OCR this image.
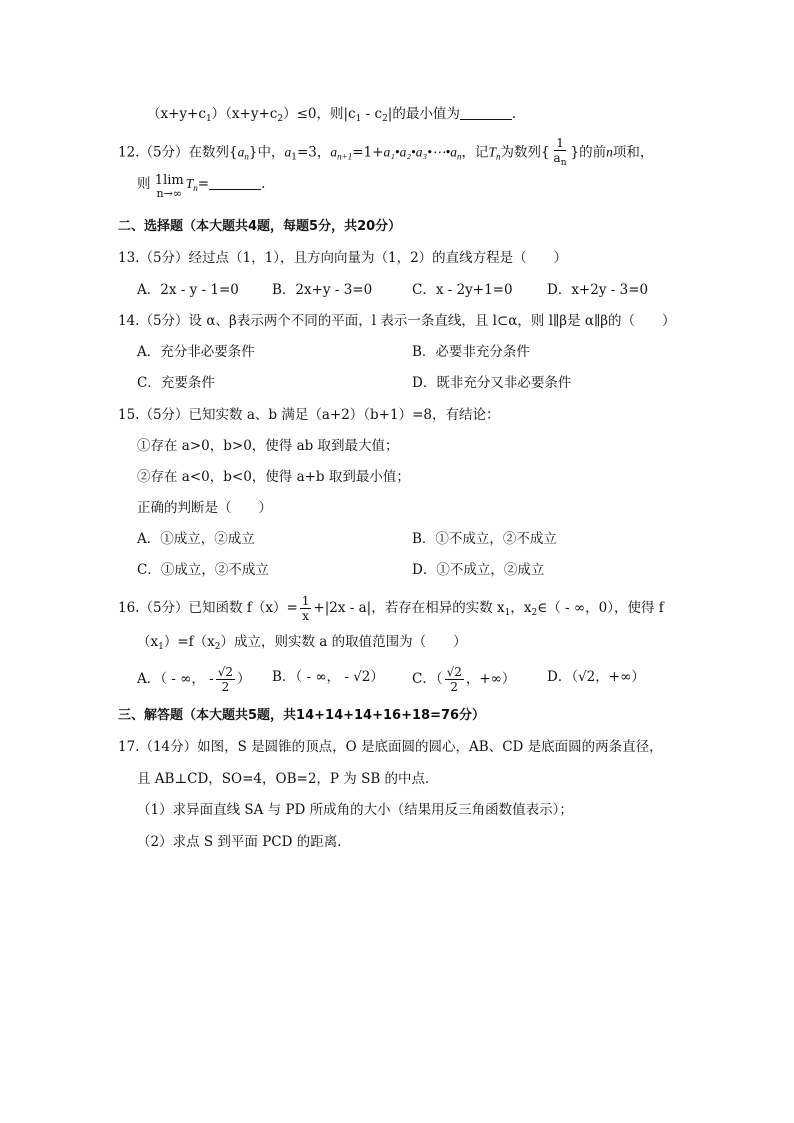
$(x+y+c_1)(x+y+c_2)\le 0$，则$|c_1 - c_2|$的最小值为	.
12.（5分）在数列$\{a_n\}$中，$a_1=3$，$a_{n+1}=1+a_1•a_2•a_3•\cdots•a_n$，记$T_n$为数列{ $\frac{1}{a_n}$ }的前n项和，
则 1lim
n→∞
$T_n=$	.
二、选择题（本大题共4题，每题5分，共20分）
13.（5分）经过点（1，1），且方向向量为（1，2）的直线方程是（　　）
A．2x - y - 1=0 B．2x+y - 3=0	C．x - 2y+1=0	D．x+2y - 3=0
14.（5分）设 α、β表示两个不同的平面，l 表示一条直线，且 l⊂α，则 l∥β是 α∥β的（　　）
A．充分非必要条件	B．必要非充分条件
C．充要条件	D．既非充分又非必要条件
15.（5分）已知实数 a、b 满足（a+2）（b+1）=8，有结论：
①存在 a>0，b>0，使得 ab 取到最大值；
②存在 a<0，b<0，使得 a+b 取到最小值；
正确的判断是（　　）
A．①成立，②成立	B．①不成立，②不成立
C．①成立，②不成立	D．①不成立，②成立
16.（5分）已知函数 $f(x)= \frac{1}{x} +|2x - a|$，若存在相异的实数 $x_1$，$x_2\in$（ - ∞，0），使得 f
$(x_1)=f(x_2)$成立，则实数 a 的取值范围为（　　）
A．（ - ∞， - $\frac{√2}{2}$ ） B．（ - ∞， - √2） C．（ $\frac{√2}{2}$ ，+∞） D．（√2，+∞）
三、解答题（本大题共5题，共14+14+14+16+18=76分）
17.（14分）如图，S 是圆锥的顶点，O 是底面圆的圆心，AB、CD 是底面圆的两条直径，
且 AB⊥CD，SO=4，OB=2，P 为 SB 的中点．
（1）求异面直线 SA 与 PD 所成角的大小（结果用反三角函数值表示）；
（2）求点 S 到平面 PCD 的距离．
